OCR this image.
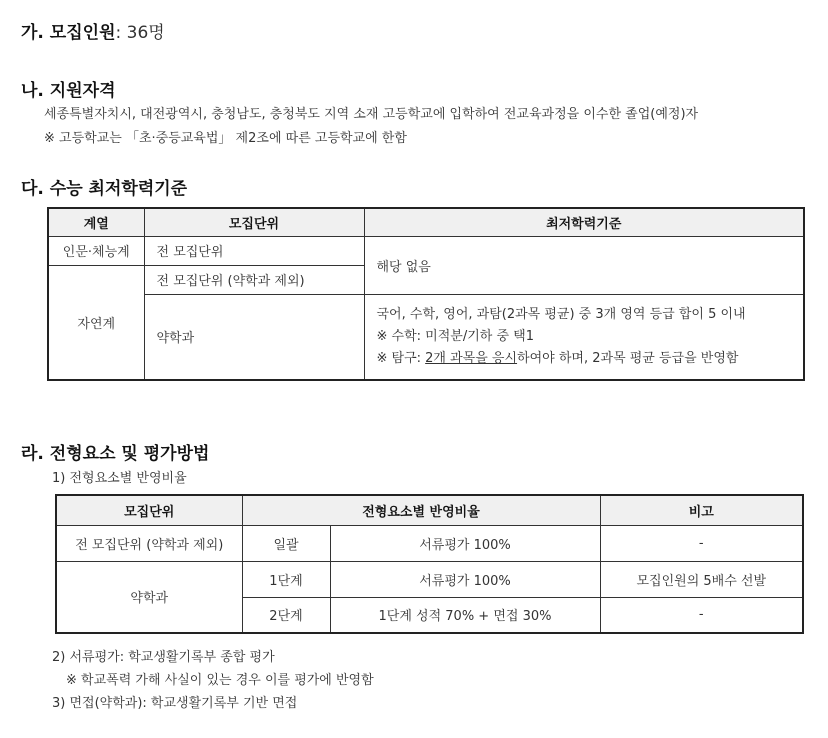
가. 모집인원: 36명
나. 지원자격
세종특별자치시, 대전광역시, 충청남도, 충청북도 지역 소재 고등학교에 입학하여 전교육과정을 이수한 졸업(예정)자
※ 고등학교는 「초·중등교육법」 제2조에 따른 고등학교에 한함
다. 수능 최저학력기준
계열	모집단위	최저학력기준
인문·체능계	전 모집단위	해당 없음
자연계	전 모집단위 (약학과 제외)	
	약학과	국어, 수학, 영어, 과탐(2과목 평균) 중 3개 영역 등급 합이 5 이내
※ 수학: 미적분/기하 중 택1
※ 탐구: 2개 과목을 응시하여야 하며, 2과목 평균 등급을 반영함
라. 전형요소 및 평가방법
1) 전형요소별 반영비율
모집단위	전형요소별 반영비율		비고
전 모집단위 (약학과 제외)	일괄	서류평가 100%	-
약학과	1단계	서류평가 100%	모집인원의 5배수 선발
	2단계	1단계 성적 70% + 면접 30%	-
2) 서류평가: 학교생활기록부 종합 평가
※ 학교폭력 가해 사실이 있는 경우 이를 평가에 반영함
3) 면접(약학과): 학교생활기록부 기반 면접
